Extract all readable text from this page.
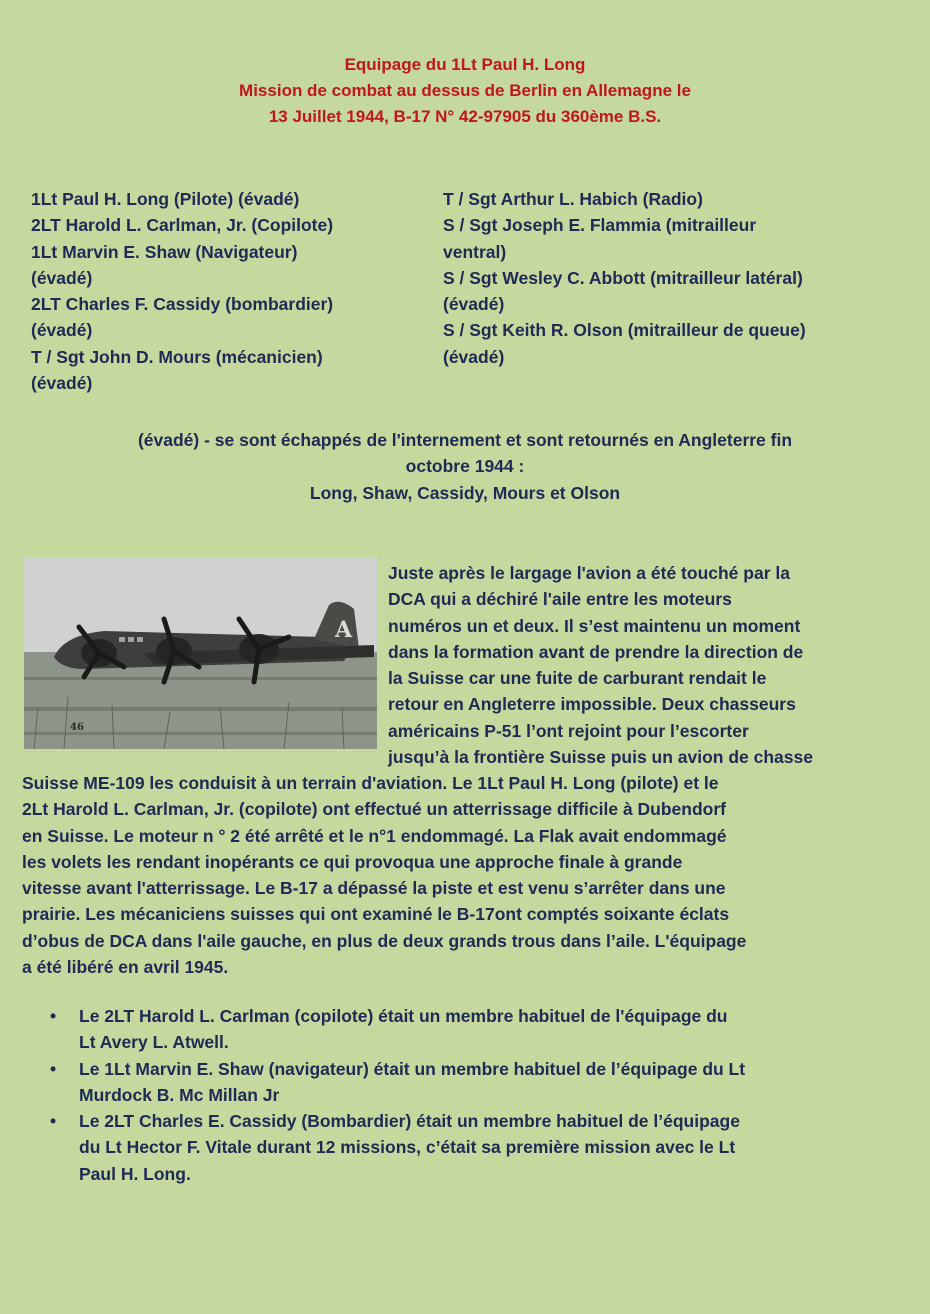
Equipage du 1Lt Paul H. Long
Mission de combat au dessus de Berlin en Allemagne le
13 Juillet 1944, B-17 N° 42-97905 du 360ème B.S.
1Lt Paul H. Long (Pilote) (évadé)
2LT Harold L. Carlman, Jr. (Copilote)
1Lt Marvin E. Shaw (Navigateur)
(évadé)
2LT Charles F. Cassidy (bombardier)
(évadé)
T / Sgt John D. Mours (mécanicien)
(évadé)
T / Sgt Arthur L. Habich (Radio)
S / Sgt Joseph E. Flammia (mitrailleur
ventral)
S / Sgt Wesley C. Abbott (mitrailleur latéral)
(évadé)
S / Sgt Keith R. Olson (mitrailleur de queue)
(évadé)
(évadé) - se sont échappés de l'internement et sont retournés en Angleterre fin
octobre 1944 :
Long, Shaw, Cassidy, Mours et Olson
A
46
Juste après le largage l'avion a été touché par la
DCA qui a déchiré l'aile entre les moteurs
numéros un et deux. Il s’est maintenu un moment
dans la formation avant de prendre la direction de
la Suisse car une fuite de carburant rendait le
retour en Angleterre impossible. Deux chasseurs
américains P-51 l’ont rejoint pour l’escorter
jusqu’à la frontière Suisse puis un avion de chasse
Suisse ME-109 les conduisit à un terrain d'aviation. Le 1Lt Paul H. Long (pilote) et le
2Lt Harold L. Carlman, Jr. (copilote) ont effectué un atterrissage difficile à Dubendorf
en Suisse. Le moteur n ° 2 été arrêté et le n°1 endommagé. La Flak avait endommagé
les volets les rendant inopérants ce qui provoqua une approche finale à grande
vitesse avant l'atterrissage. Le B-17 a dépassé la piste et est venu s’arrêter dans une
prairie. Les mécaniciens suisses qui ont examiné le B-17ont comptés soixante éclats
d’obus de DCA dans l'aile gauche, en plus de deux grands trous dans l’aile. L'équipage
a été libéré en avril 1945.
• Le 2LT Harold L. Carlman (copilote) était un membre habituel de l'équipage du
Lt Avery L. Atwell.
• Le 1Lt Marvin E. Shaw (navigateur) était un membre habituel de l’équipage du Lt
Murdock B. Mc Millan Jr
• Le 2LT Charles E. Cassidy (Bombardier) était un membre habituel de l’équipage
du Lt Hector F. Vitale durant 12 missions, c’était sa première mission avec le Lt
Paul H. Long.
